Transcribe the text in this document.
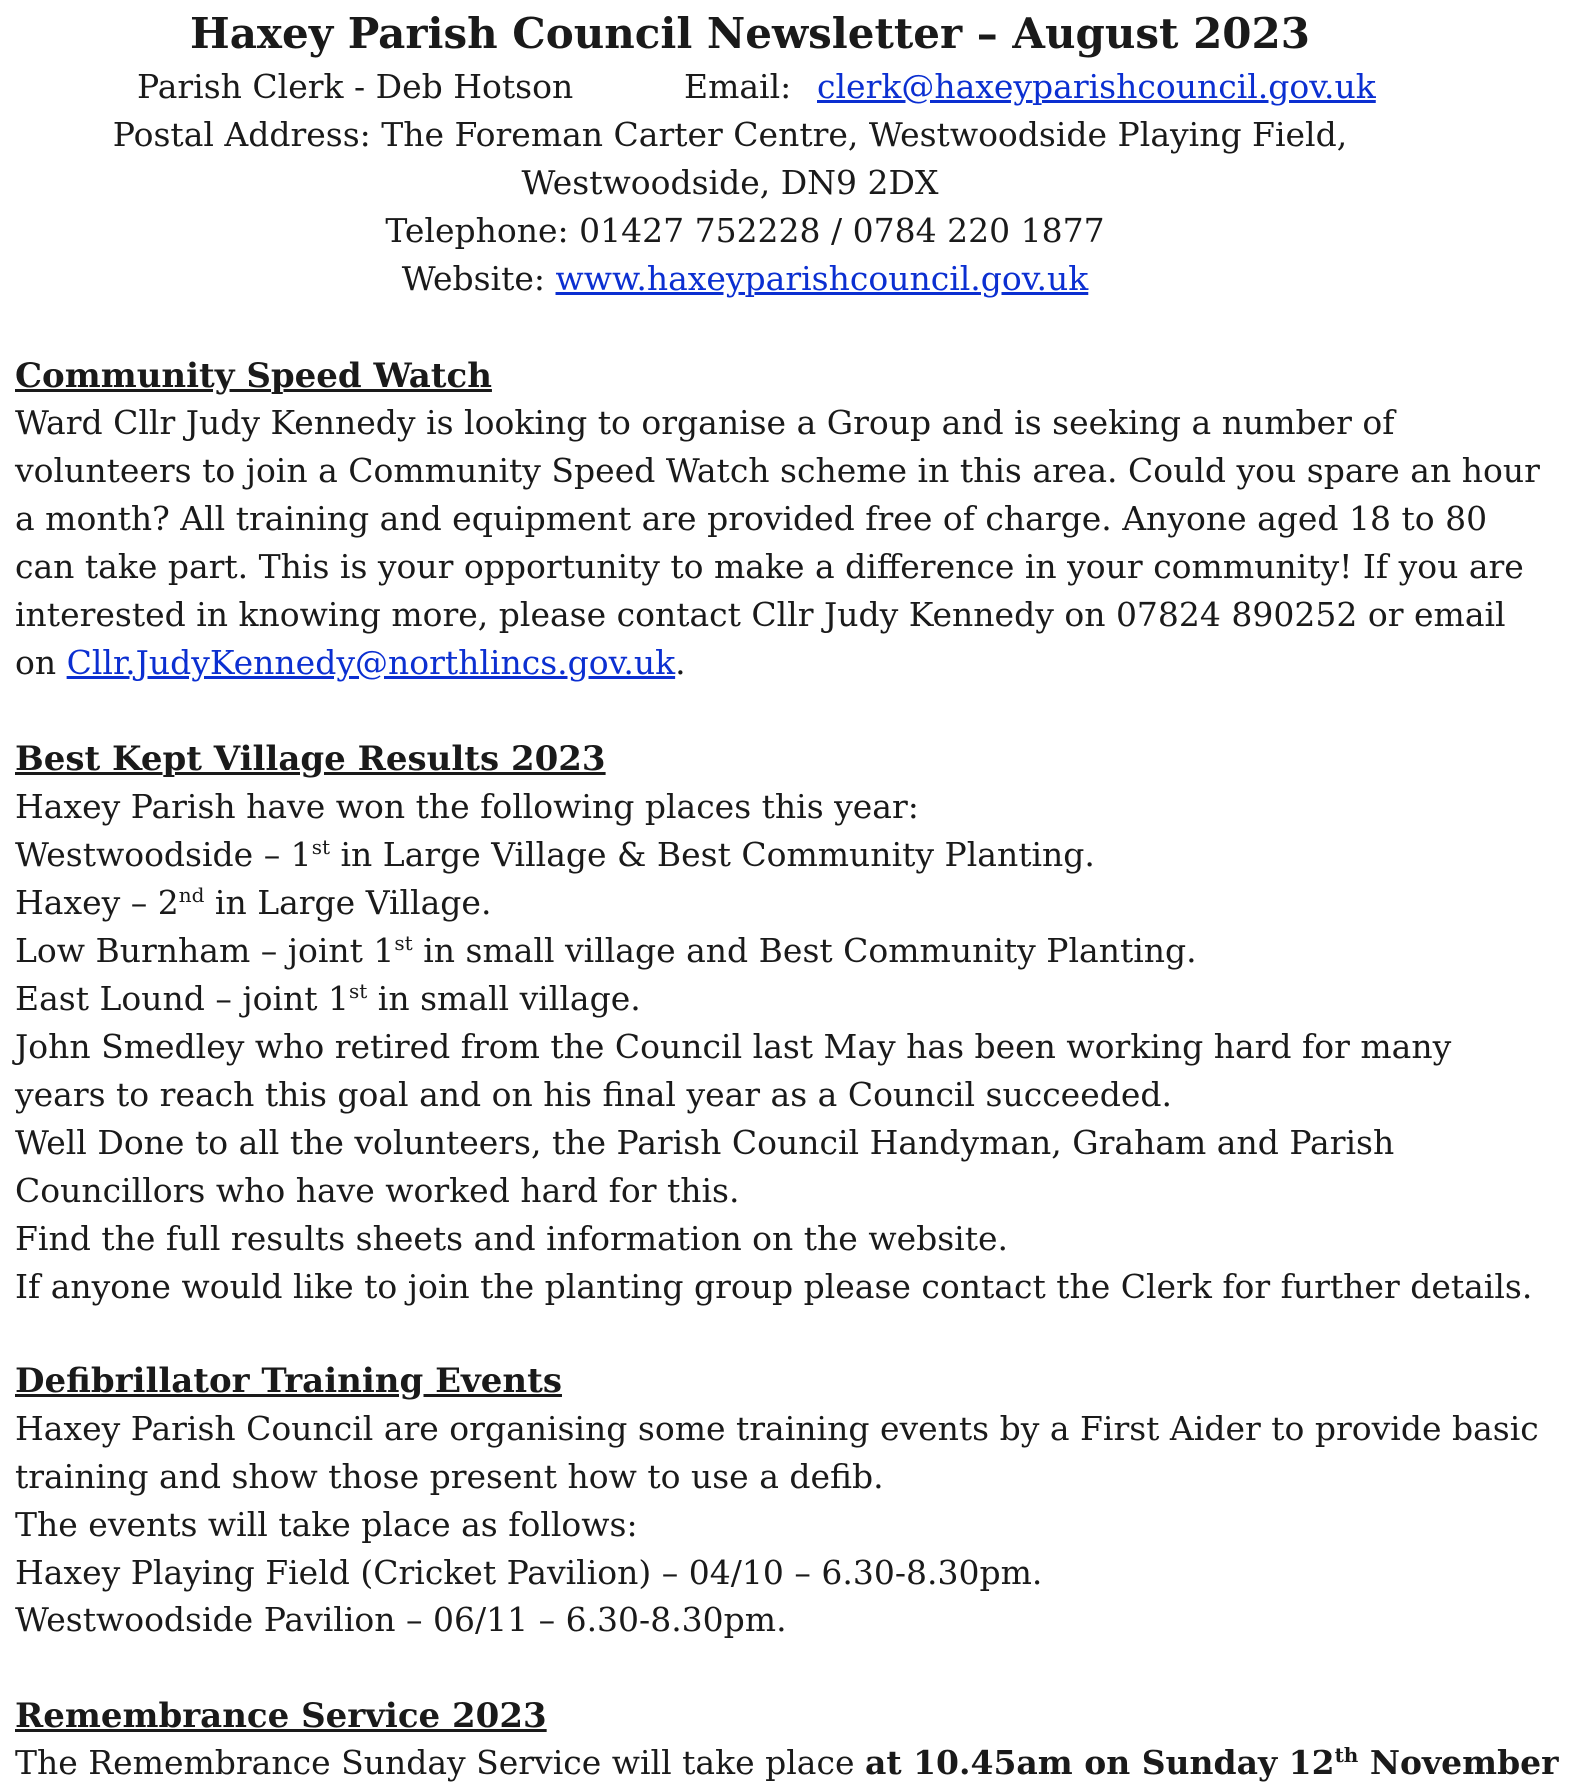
Haxey Parish Council Newsletter – August 2023
Parish Clerk - Deb Hotson	Email: clerk@haxeyparishcouncil.gov.uk
Postal Address: The Foreman Carter Centre, Westwoodside Playing Field,
Westwoodside, DN9 2DX
Telephone: 01427 752228 / 0784 220 1877
Website: www.haxeyparishcouncil.gov.uk
Community Speed Watch
Ward Cllr Judy Kennedy is looking to organise a Group and is seeking a number of
volunteers to join a Community Speed Watch scheme in this area. Could you spare an hour
a month? All training and equipment are provided free of charge. Anyone aged 18 to 80
can take part. This is your opportunity to make a difference in your community! If you are
interested in knowing more, please contact Cllr Judy Kennedy on 07824 890252 or email
on Cllr.JudyKennedy@northlincs.gov.uk.
Best Kept Village Results 2023
Haxey Parish have won the following places this year:
Westwoodside – 1st in Large Village & Best Community Planting.
Haxey – 2nd in Large Village.
Low Burnham – joint 1st in small village and Best Community Planting.
East Lound – joint 1st in small village.
John Smedley who retired from the Council last May has been working hard for many
years to reach this goal and on his final year as a Council succeeded.
Well Done to all the volunteers, the Parish Council Handyman, Graham and Parish
Councillors who have worked hard for this.
Find the full results sheets and information on the website.
If anyone would like to join the planting group please contact the Clerk for further details.
Defibrillator Training Events
Haxey Parish Council are organising some training events by a First Aider to provide basic
training and show those present how to use a defib.
The events will take place as follows:
Haxey Playing Field (Cricket Pavilion) – 04/10 – 6.30-8.30pm.
Westwoodside Pavilion – 06/11 – 6.30-8.30pm.
Remembrance Service 2023
The Remembrance Sunday Service will take place at 10.45am on Sunday 12th November
